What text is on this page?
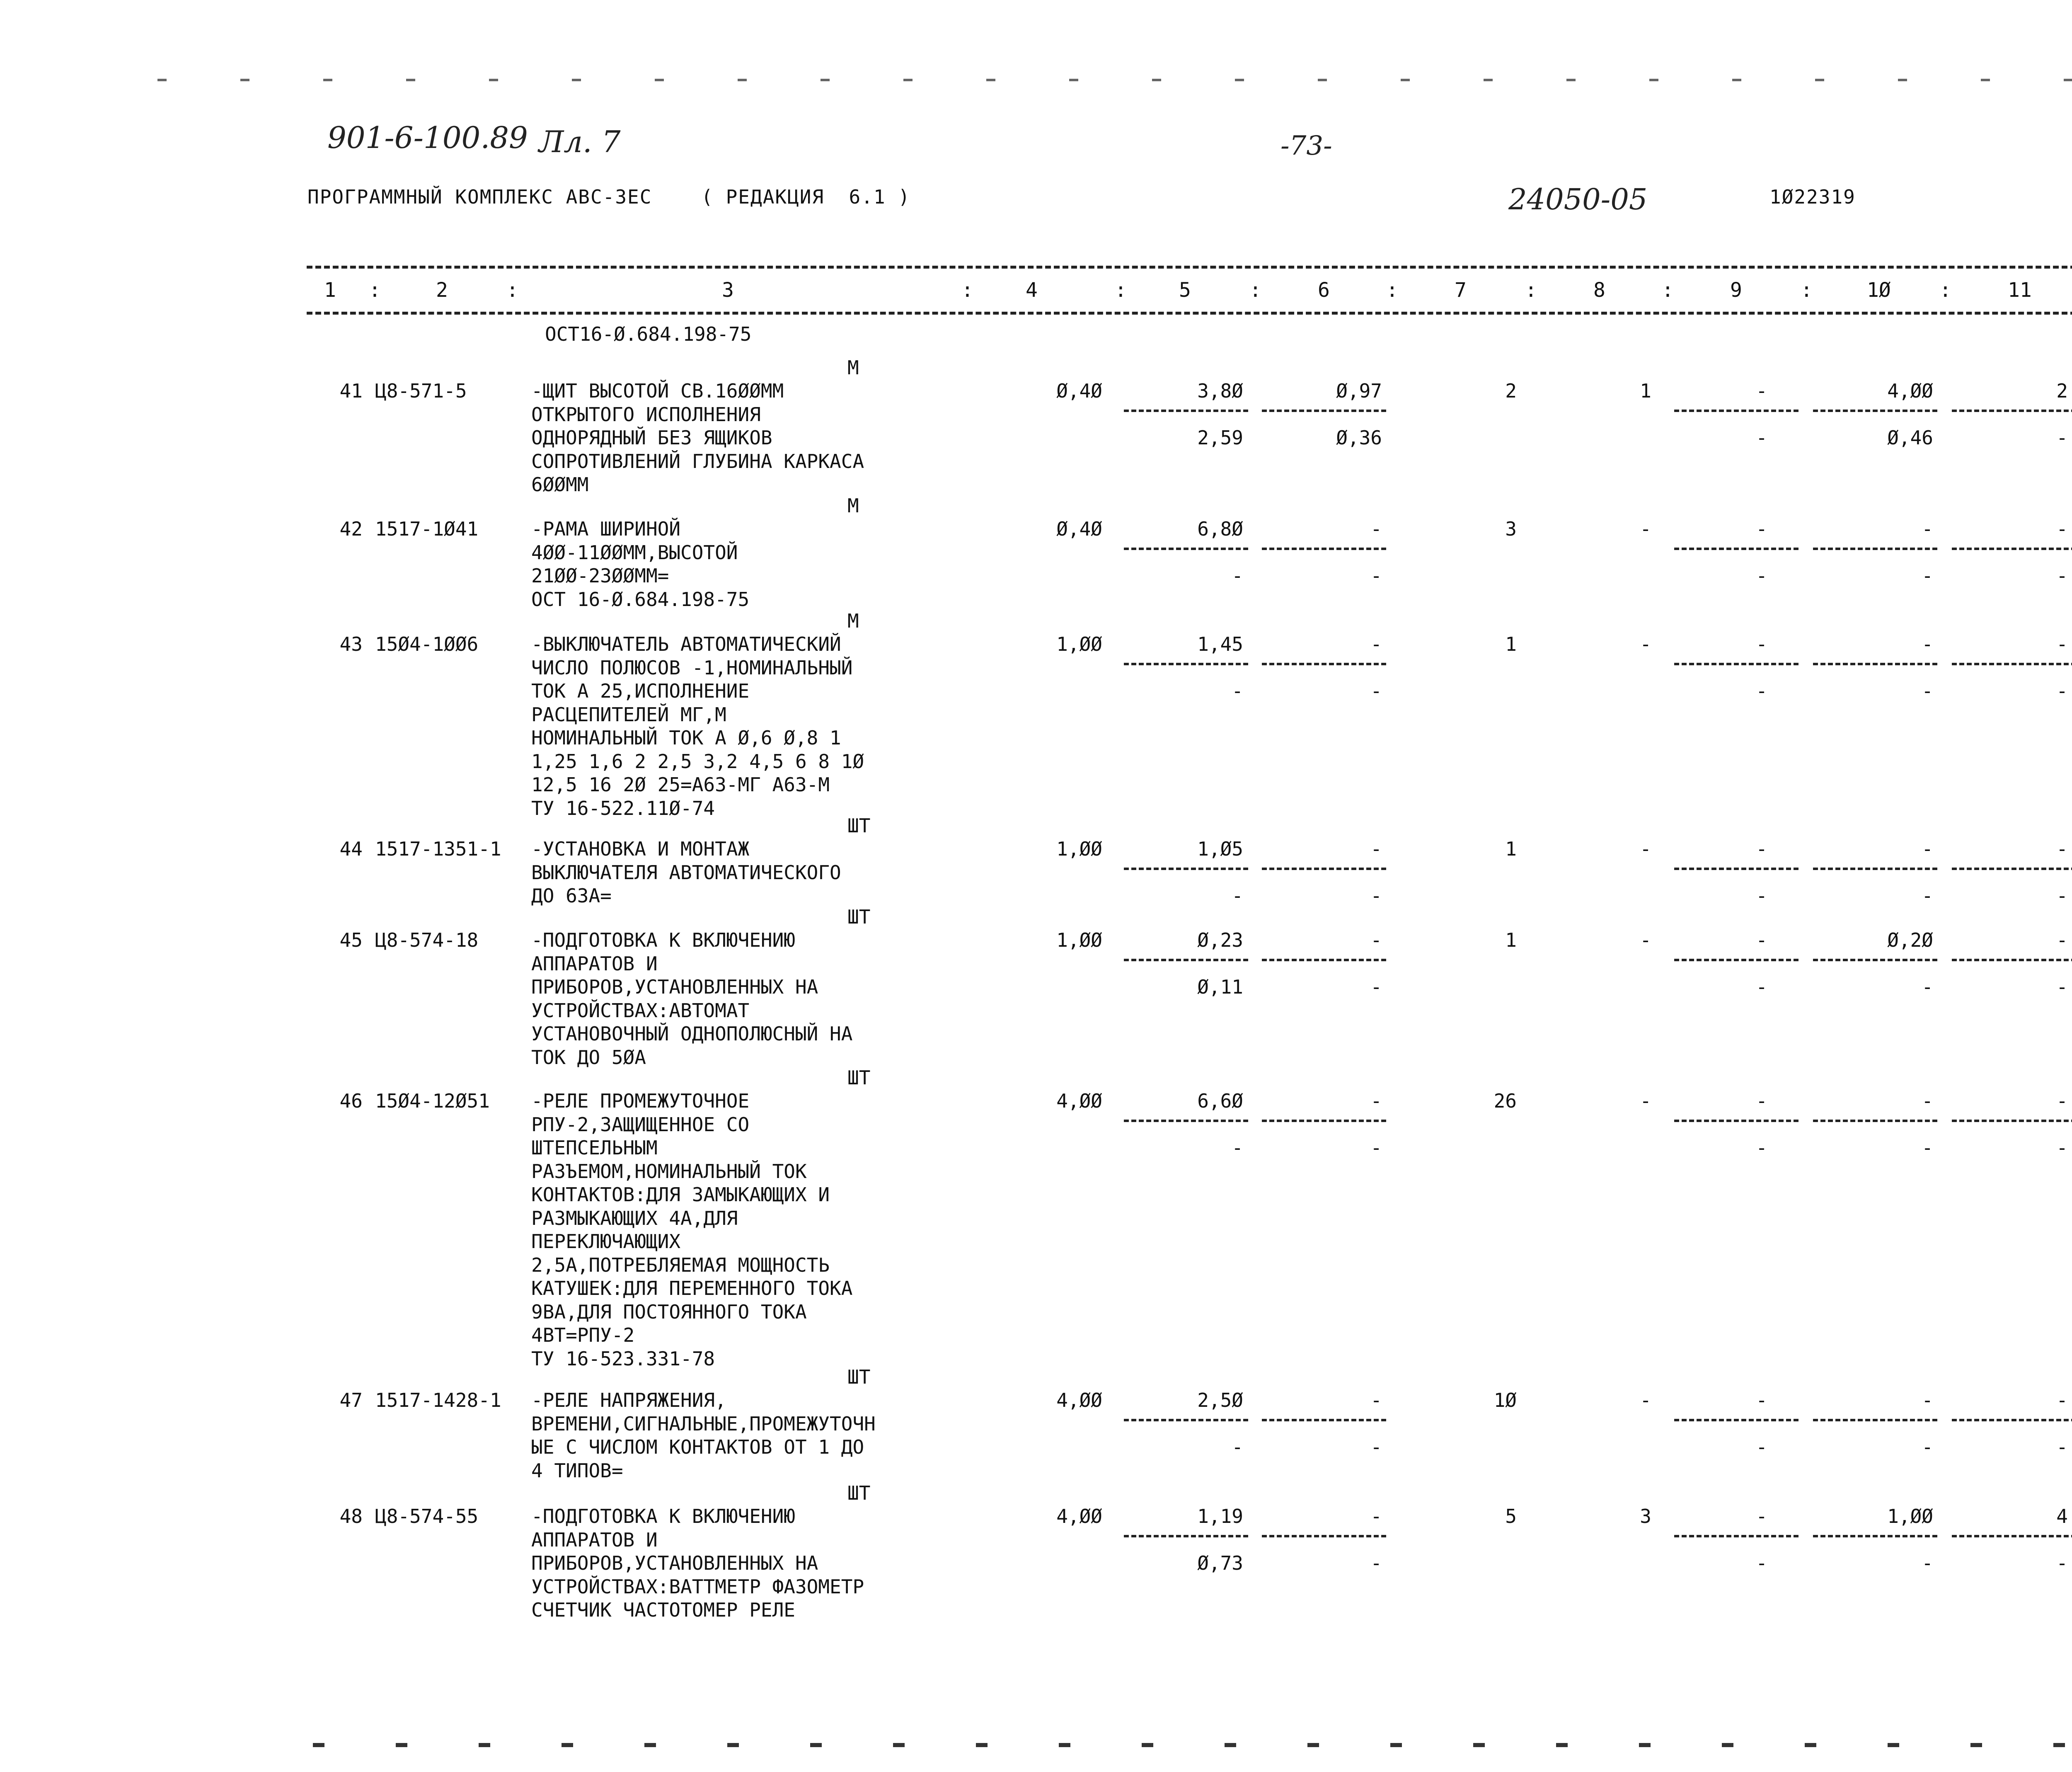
901-6-100.89 Лл. 7	-73-
ПРОГРАММНЫЙ КОМПЛЕКС АВС-3ЕС    ( РЕДАКЦИЯ  6.1 )	24050-05	1Ø22319
1	2	3	4	5	6	7	8	9	1Ø	11
:	:	:	:	:	:	:	:	:	:
ОСТ16-Ø.684.198-75
М
41 Ц8-571-5	-ЩИТ ВЫСОТОЙ СВ.16ØØММ
ОТКРЫТОГО ИСПОЛНЕНИЯ
ОДНОРЯДНЫЙ БЕЗ ЯЩИКОВ
СОПРОТИВЛЕНИЙ ГЛУБИНА КАРКАСА
6ØØММ
Ø,4Ø	3,8Ø	Ø,97	2	1	-	4,ØØ	2
2,59	Ø,36	-	Ø,46	-
М
42 1517-1Ø41	-РАМА ШИРИНОЙ
4ØØ-11ØØММ,ВЫСОТОЙ
21ØØ-23ØØММ=
ОСТ 16-Ø.684.198-75
Ø,4Ø	6,8Ø	-	3	-	-	-	-
-	-	-	-	-
М
43 15Ø4-1ØØ6	-ВЫКЛЮЧАТЕЛЬ АВТОМАТИЧЕСКИЙ
ЧИСЛО ПОЛЮСОВ -1,НОМИНАЛЬНЫЙ
ТОК А 25,ИСПОЛНЕНИЕ
РАСЦЕПИТЕЛЕЙ МГ,М
НОМИНАЛЬНЫЙ ТОК А Ø,6 Ø,8 1
1,25 1,6 2 2,5 3,2 4,5 6 8 1Ø
12,5 16 2Ø 25=А63-МГ А63-М
ТУ 16-522.11Ø-74
1,ØØ	1,45	-	1	-	-	-	-
-	-	-	-	-
ШТ
44 1517-1351-1 -УСТАНОВКА И МОНТАЖ
ВЫКЛЮЧАТЕЛЯ АВТОМАТИЧЕСКОГО
ДО 63А=
1,ØØ	1,Ø5	-	1	-	-	-	-
-	-	-	-	-
ШТ
45 Ц8-574-18	-ПОДГОТОВКА К ВКЛЮЧЕНИЮ
АППАРАТОВ И
ПРИБОРОВ,УСТАНОВЛЕННЫХ НА
УСТРОЙСТВАХ:АВТОМАТ
УСТАНОВОЧНЫЙ ОДНОПОЛЮСНЫЙ НА
ТОК ДО 5ØА
1,ØØ	Ø,23	-	1	-	-	Ø,2Ø	-
Ø,11	-	-	-	-
ШТ
46 15Ø4-12Ø51 -РЕЛЕ ПРОМЕЖУТОЧНОЕ
РПУ-2,ЗАЩИЩЕННОЕ СО
ШТЕПСЕЛЬНЫМ
РАЗЪЕМОМ,НОМИНАЛЬНЫЙ ТОК
КОНТАКТОВ:ДЛЯ ЗАМЫКАЮЩИХ И
РАЗМЫКАЮЩИХ 4А,ДЛЯ
ПЕРЕКЛЮЧАЮЩИХ
2,5А,ПОТРЕБЛЯЕМАЯ МОЩНОСТЬ
КАТУШЕК:ДЛЯ ПЕРЕМЕННОГО ТОКА
9ВА,ДЛЯ ПОСТОЯННОГО ТОКА
4ВТ=РПУ-2
ТУ 16-523.331-78
4,ØØ	6,6Ø	-	26	-	-	-	-
-	-	-	-	-
ШТ
47 1517-1428-1 -РЕЛЕ НАПРЯЖЕНИЯ,
ВРЕМЕНИ,СИГНАЛЬНЫЕ,ПРОМЕЖУТОЧН
ЫЕ С ЧИСЛОМ КОНТАКТОВ ОТ 1 ДО
4 ТИПОВ=
4,ØØ	2,5Ø	-	1Ø	-	-	-	-
-	-	-	-	-
ШТ
48 Ц8-574-55	-ПОДГОТОВКА К ВКЛЮЧЕНИЮ
АППАРАТОВ И
ПРИБОРОВ,УСТАНОВЛЕННЫХ НА
УСТРОЙСТВАХ:ВАТТМЕТР ФАЗОМЕТР
СЧЕТЧИК ЧАСТОТОМЕР РЕЛЕ
4,ØØ	1,19	-	5	3	-	1,ØØ	4
Ø,73	-	-	-	-
